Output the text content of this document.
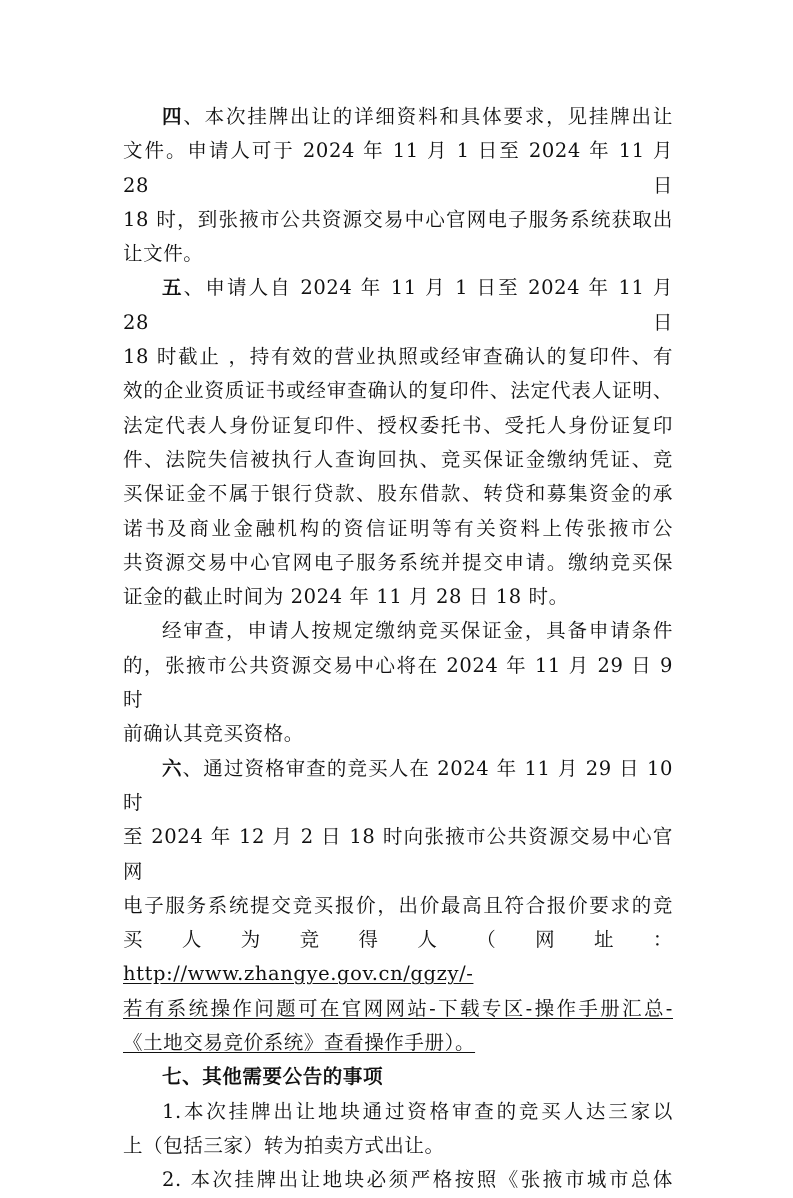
四、本次挂牌出让的详细资料和具体要求，见挂牌出让
文件。申请人可于 2024 年 11 月 1 日至 2024 年 11 月 28 日
18 时，到张掖市公共资源交易中心官网电子服务系统获取出
让文件。
五、申请人自 2024 年 11 月 1 日至 2024 年 11 月 28 日
18 时截止 ，持有效的营业执照或经审查确认的复印件、有
效的企业资质证书或经审查确认的复印件、法定代表人证明、
法定代表人身份证复印件、授权委托书、受托人身份证复印
件、法院失信被执行人查询回执、竞买保证金缴纳凭证、竞
买保证金不属于银行贷款、股东借款、转贷和募集资金的承
诺书及商业金融机构的资信证明等有关资料上传张掖市公
共资源交易中心官网电子服务系统并提交申请。缴纳竞买保
证金的截止时间为 2024 年 11 月 28 日 18 时。
经审查，申请人按规定缴纳竞买保证金，具备申请条件
的，张掖市公共资源交易中心将在 2024 年 11 月 29 日 9 时
前确认其竞买资格。
六、通过资格审查的竞买人在 2024 年 11 月 29 日 10 时
至 2024 年 12 月 2 日 18 时向张掖市公共资源交易中心官网
电子服务系统提交竞买报价，出价最高且符合报价要求的竞
买人为竞得人（网址：http://www.zhangye.gov.cn/ggzy/-
若有系统操作问题可在官网网站-下载专区-操作手册汇总-
《土地交易竞价系统》查看操作手册）。
七、其他需要公告的事项
1.本次挂牌出让地块通过资格审查的竞买人达三家以
上（包括三家）转为拍卖方式出让。
2. 本次挂牌出让地块必须严格按照《张掖市城市总体
